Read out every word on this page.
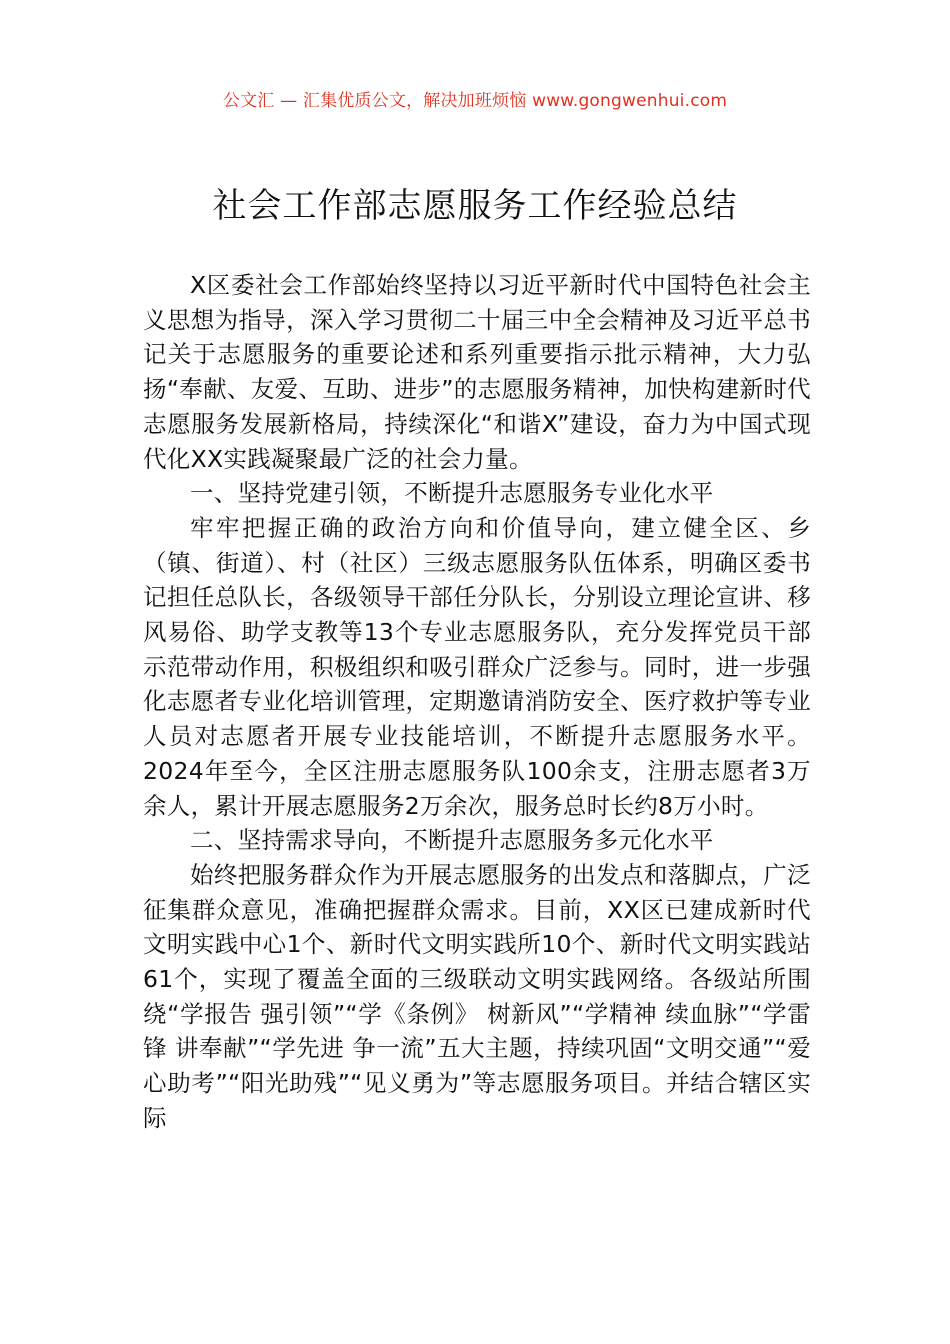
公文汇 — 汇集优质公文，解决加班烦恼 www.gongwenhui.com
社会工作部志愿服务工作经验总结

X区委社会工作部始终坚持以习近平新时代中国特色社会主义思想为指导，深入学习贯彻二十届三中全会精神及习近平总书记关于志愿服务的重要论述和系列重要指示批示精神，大力弘扬“奉献、友爱、互助、进步”的志愿服务精神，加快构建新时代志愿服务发展新格局，持续深化“和谐X”建设，奋力为中国式现代化XX实践凝聚最广泛的社会力量。

一、坚持党建引领，不断提升志愿服务专业化水平

牢牢把握正确的政治方向和价值导向，建立健全区、乡（镇、街道）、村（社区）三级志愿服务队伍体系，明确区委书记担任总队长，各级领导干部任分队长，分别设立理论宣讲、移风易俗、助学支教等13个专业志愿服务队，充分发挥党员干部示范带动作用，积极组织和吸引群众广泛参与。同时，进一步强化志愿者专业化培训管理，定期邀请消防安全、医疗救护等专业人员对志愿者开展专业技能培训，不断提升志愿服务水平。2024年至今，全区注册志愿服务队100余支，注册志愿者3万余人，累计开展志愿服务2万余次，服务总时长约8万小时。

二、坚持需求导向，不断提升志愿服务多元化水平

始终把服务群众作为开展志愿服务的出发点和落脚点，广泛征集群众意见，准确把握群众需求。目前，XX区已建成新时代文明实践中心1个、新时代文明实践所10个、新时代文明实践站61个，实现了覆盖全面的三级联动文明实践网络。各级站所围绕“学报告 强引领”“学《条例》 树新风”“学精神 续血脉”“学雷锋 讲奉献”“学先进 争一流”五大主题，持续巩固“文明交通”“爱心助考”“阳光助残”“见义勇为”等志愿服务项目。并结合辖区实际
